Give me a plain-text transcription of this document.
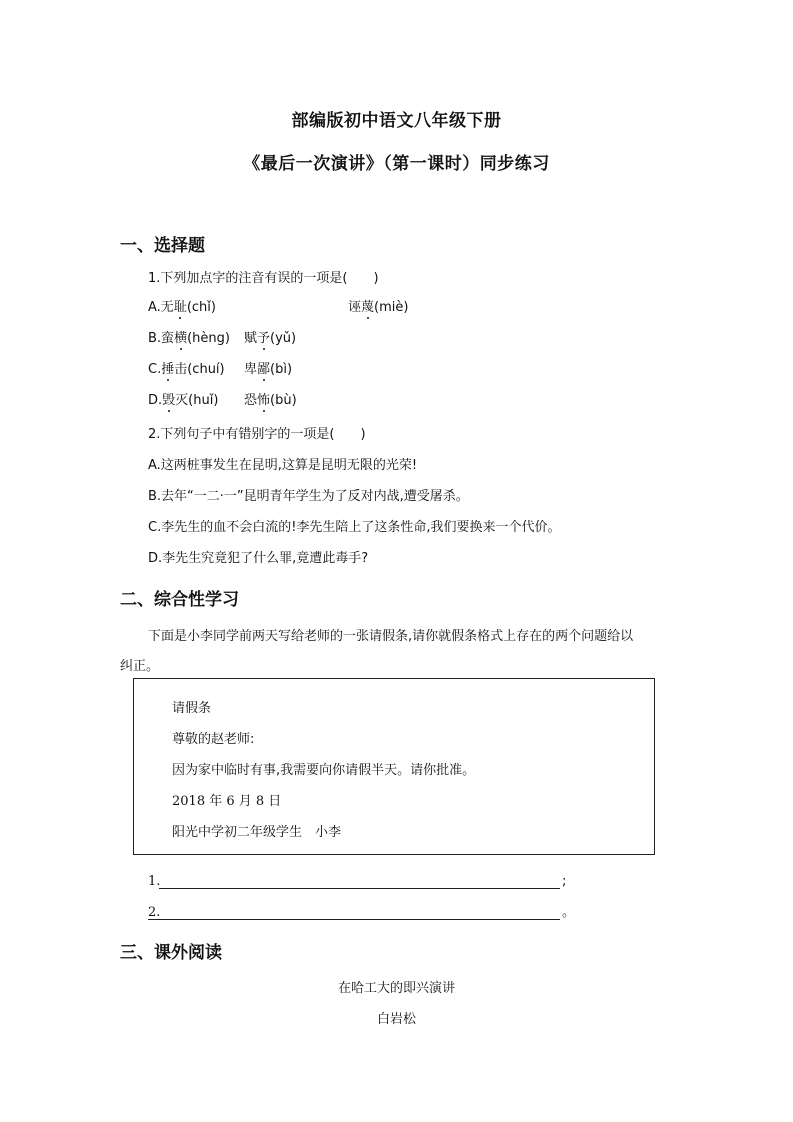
部编版初中语文八年级下册
《最后一次演讲》（第一课时）同步练习
一、选择题
1.下列加点字的注音有误的一项是(　　)
A.无耻(chǐ)	诬蔑(miè)
B.蛮横(hèng) 赋予(yǔ)
C.捶击(chuí) 卑鄙(bì)
D.毁灭(huǐ) 恐怖(bù)
2.下列句子中有错别字的一项是(　　)
A.这两桩事发生在昆明,这算是昆明无限的光荣!
B.去年“一二·一”昆明青年学生为了反对内战,遭受屠杀。
C.李先生的血不会白流的!李先生陪上了这条性命,我们要换来一个代价。
D.李先生究竟犯了什么罪,竟遭此毒手?
二、综合性学习
下面是小李同学前两天写给老师的一张请假条,请你就假条格式上存在的两个问题给以
纠正。
请假条
尊敬的赵老师:
因为家中临时有事,我需要向你请假半天。请你批准。
2018 年 6 月 8 日
阳光中学初二年级学生　小李
1.	;
2.	。
三、课外阅读
在哈工大的即兴演讲
白岩松
